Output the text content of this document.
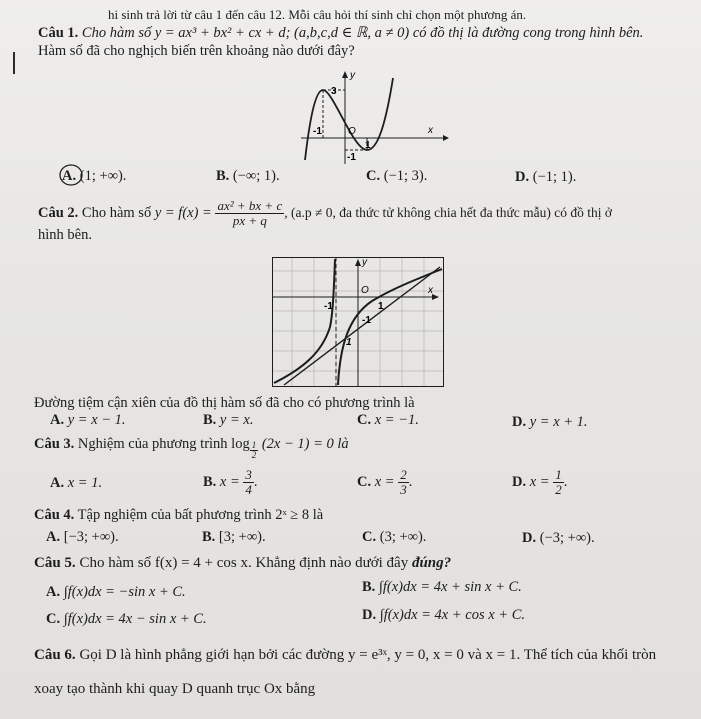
hi sinh trả lời từ câu 1 đến câu 12. Mỗi câu hỏi thí sinh chỉ chọn một phương án.
Câu 1. Cho hàm số y = ax³ + bx² + cx + d; (a,b,c,d ∈ ℝ, a ≠ 0) có đồ thị là đường cong trong hình bên.
Hàm số đã cho nghịch biến trên khoảng nào dưới đây?
y
x
O
3
-1
1
-1
A. (1; +∞).	B. (−∞; 1).	C. (−1; 3).	D. (−1; 1).
Câu 2. Cho hàm số $y = f(x) = \frac{\text{ax² + bx + c}}{px + q}$ , (a.p ≠ 0, đa thức tử không chia hết đa thức mẫu) có đồ thị ở
hình bên.
y
x
O
-1	1
-1
1
Đường tiệm cận xiên của đồ thị hàm số đã cho có phương trình là
A. y = x − 1.	B. y = x.	C. x = −1.	D. y = x + 1.
Câu 3. Nghiệm của phương trình $\log \frac{1}{2} (2x - 1) = 0$ là
A. x = 1.	B. $x = \frac{3}{4}$ .	C. $x = \frac{2}{3}$ .	D. $x = \frac{1}{2}$ .
Câu 4. Tập nghiệm của bất phương trình 2ˣ ≥ 8 là
A. [−3; +∞).	B. [3; +∞).	C. (3; +∞).	D. (−3; +∞).
Câu 5. Cho hàm số f(x) = 4 + cos x. Khẳng định nào dưới đây đúng?
A. ∫f(x)dx = −sin x + C.	B. ∫f(x)dx = 4x + sin x + C.
C. ∫f(x)dx = 4x − sin x + C.	D. ∫f(x)dx = 4x + cos x + C.
Câu 6. Gọi D là hình phẳng giới hạn bởi các đường y = e³ˣ, y = 0, x = 0 và x = 1. Thể tích của khối tròn
xoay tạo thành khi quay D quanh trục Ox bằng
